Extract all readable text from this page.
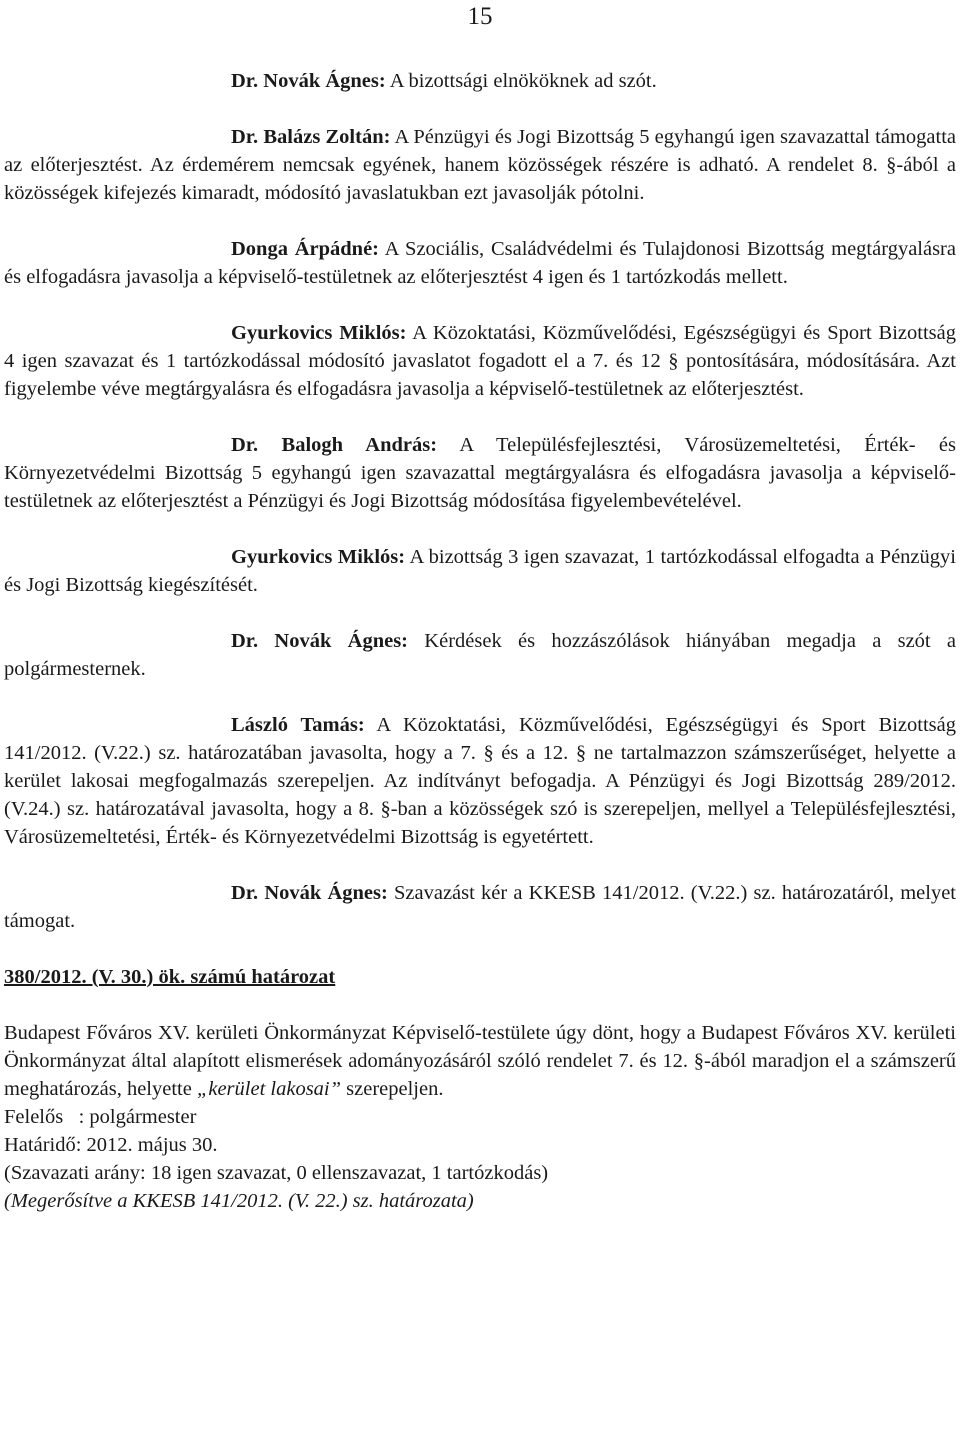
15

Dr. Novák Ágnes: A bizottsági elnököknek ad szót.

Dr. Balázs Zoltán: A Pénzügyi és Jogi Bizottság 5 egyhangú igen szavazattal támogatta az előterjesztést. Az érdemérem nemcsak egyének, hanem közösségek részére is adható. A rendelet 8. §-ából a közösségek kifejezés kimaradt, módosító javaslatukban ezt javasolják pótolni.

Donga Árpádné: A Szociális, Családvédelmi és Tulajdonosi Bizottság megtárgyalásra és elfogadásra javasolja a képviselő-testületnek az előterjesztést 4 igen és 1 tartózkodás mellett.

Gyurkovics Miklós: A Közoktatási, Közművelődési, Egészségügyi és Sport Bizottság 4 igen szavazat és 1 tartózkodással módosító javaslatot fogadott el a 7. és 12 § pontosítására, módosítására. Azt figyelembe véve megtárgyalásra és elfogadásra javasolja a képviselő-testületnek az előterjesztést.

Dr. Balogh András: A Településfejlesztési, Városüzemeltetési, Érték- és Környezetvédelmi Bizottság 5 egyhangú igen szavazattal megtárgyalásra és elfogadásra javasolja a képviselő-testületnek az előterjesztést a Pénzügyi és Jogi Bizottság módosítása figyelembevételével.

Gyurkovics Miklós: A bizottság 3 igen szavazat, 1 tartózkodással elfogadta a Pénzügyi és Jogi Bizottság kiegészítését.

Dr. Novák Ágnes: Kérdések és hozzászólások hiányában megadja a szót a polgármesternek.

László Tamás: A Közoktatási, Közművelődési, Egészségügyi és Sport Bizottság 141/2012. (V.22.) sz. határozatában javasolta, hogy a 7. § és a 12. § ne tartalmazzon számszerűséget, helyette a kerület lakosai megfogalmazás szerepeljen. Az indítványt befogadja. A Pénzügyi és Jogi Bizottság 289/2012. (V.24.) sz. határozatával javasolta, hogy a 8. §-ban a közösségek szó is szerepeljen, mellyel a Településfejlesztési, Városüzemeltetési, Érték- és Környezetvédelmi Bizottság is egyetértett.

Dr. Novák Ágnes: Szavazást kér a KKESB 141/2012. (V.22.) sz. határozatáról, melyet támogat.

380/2012. (V. 30.) ök. számú határozat

Budapest Főváros XV. kerületi Önkormányzat Képviselő-testülete úgy dönt, hogy a Budapest Főváros XV. kerületi Önkormányzat által alapított elismerések adományozásáról szóló rendelet 7. és 12. §-ából maradjon el a számszerű meghatározás, helyette „kerület lakosai” szerepeljen.

Felelős   : polgármester

Határidő: 2012. május 30.

(Szavazati arány: 18 igen szavazat, 0 ellenszavazat, 1 tartózkodás)

(Megerősítve a KKESB 141/2012. (V. 22.) sz. határozata)
